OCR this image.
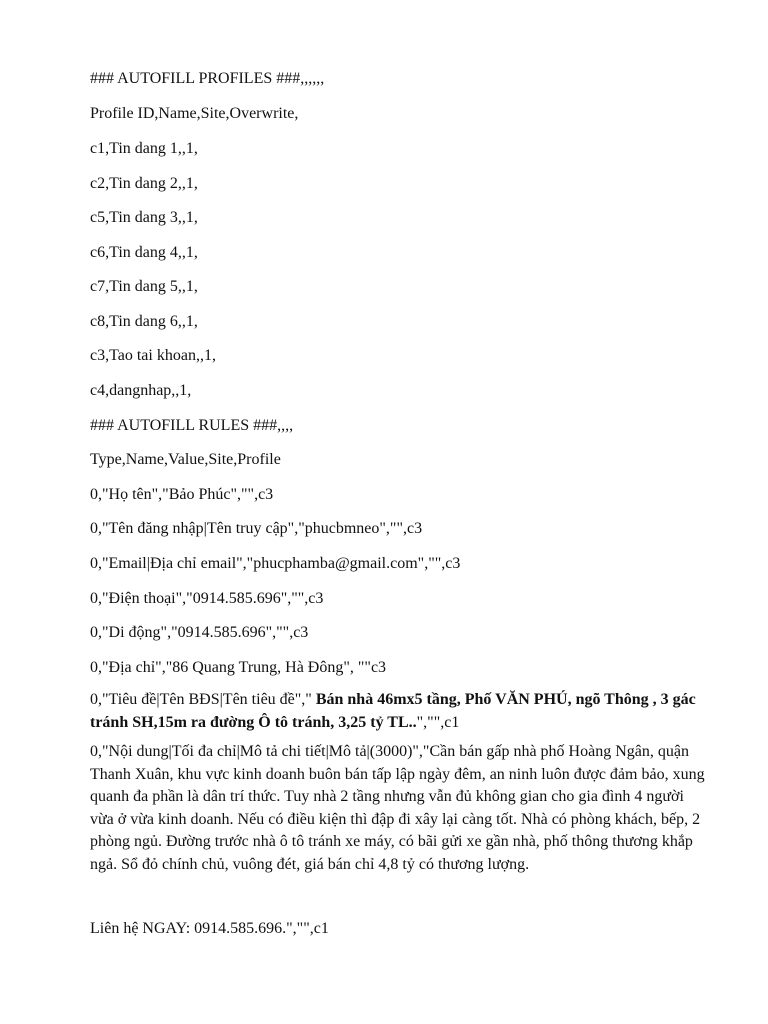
### AUTOFILL PROFILES ###,,,,,,

Profile ID,Name,Site,Overwrite,

c1,Tin dang 1,,1,

c2,Tin dang 2,,1,

c5,Tin dang 3,,1,

c6,Tin dang 4,,1,

c7,Tin dang 5,,1,

c8,Tin dang 6,,1,

c3,Tao tai khoan,,1,

c4,dangnhap,,1,

### AUTOFILL RULES ###,,,,

Type,Name,Value,Site,Profile

0,"Họ tên","Bảo Phúc","",c3

0,"Tên đăng nhập|Tên truy cập","phucbmneo","",c3

0,"Email|Địa chỉ email","phucphamba@gmail.com","",c3

0,"Điện thoại","0914.585.696","",c3

0,"Di động","0914.585.696","",c3

0,"Địa chỉ","86 Quang Trung, Hà Đông", ""c3

0,"Tiêu đề|Tên BĐS|Tên tiêu đề"," Bán nhà 46mx5 tầng, Phố VĂN PHÚ, ngõ Thông , 3 gác tránh SH,15m ra đường Ô tô tránh, 3,25 tỷ TL..","",c1

0,"Nội dung|Tối đa chỉ|Mô tả chi tiết|Mô tả|(3000)","Cần bán gấp nhà phố Hoàng Ngân, quận Thanh Xuân, khu vực kinh doanh buôn bán tấp lập ngày đêm, an ninh luôn được đảm bảo, xung quanh đa phần là dân trí thức. Tuy nhà 2 tầng nhưng vẫn đủ không gian cho gia đình 4 người vừa ở vừa kinh doanh. Nếu có điều kiện thì đập đi xây lại càng tốt. Nhà có phòng khách, bếp, 2 phòng ngủ. Đường trước nhà ô tô tránh xe máy, có bãi gửi xe gần nhà, phố thông thương khắp ngả. Sổ đỏ chính chủ, vuông đét, giá bán chỉ 4,8 tỷ có thương lượng.

Liên hệ NGAY: 0914.585.696.","",c1
